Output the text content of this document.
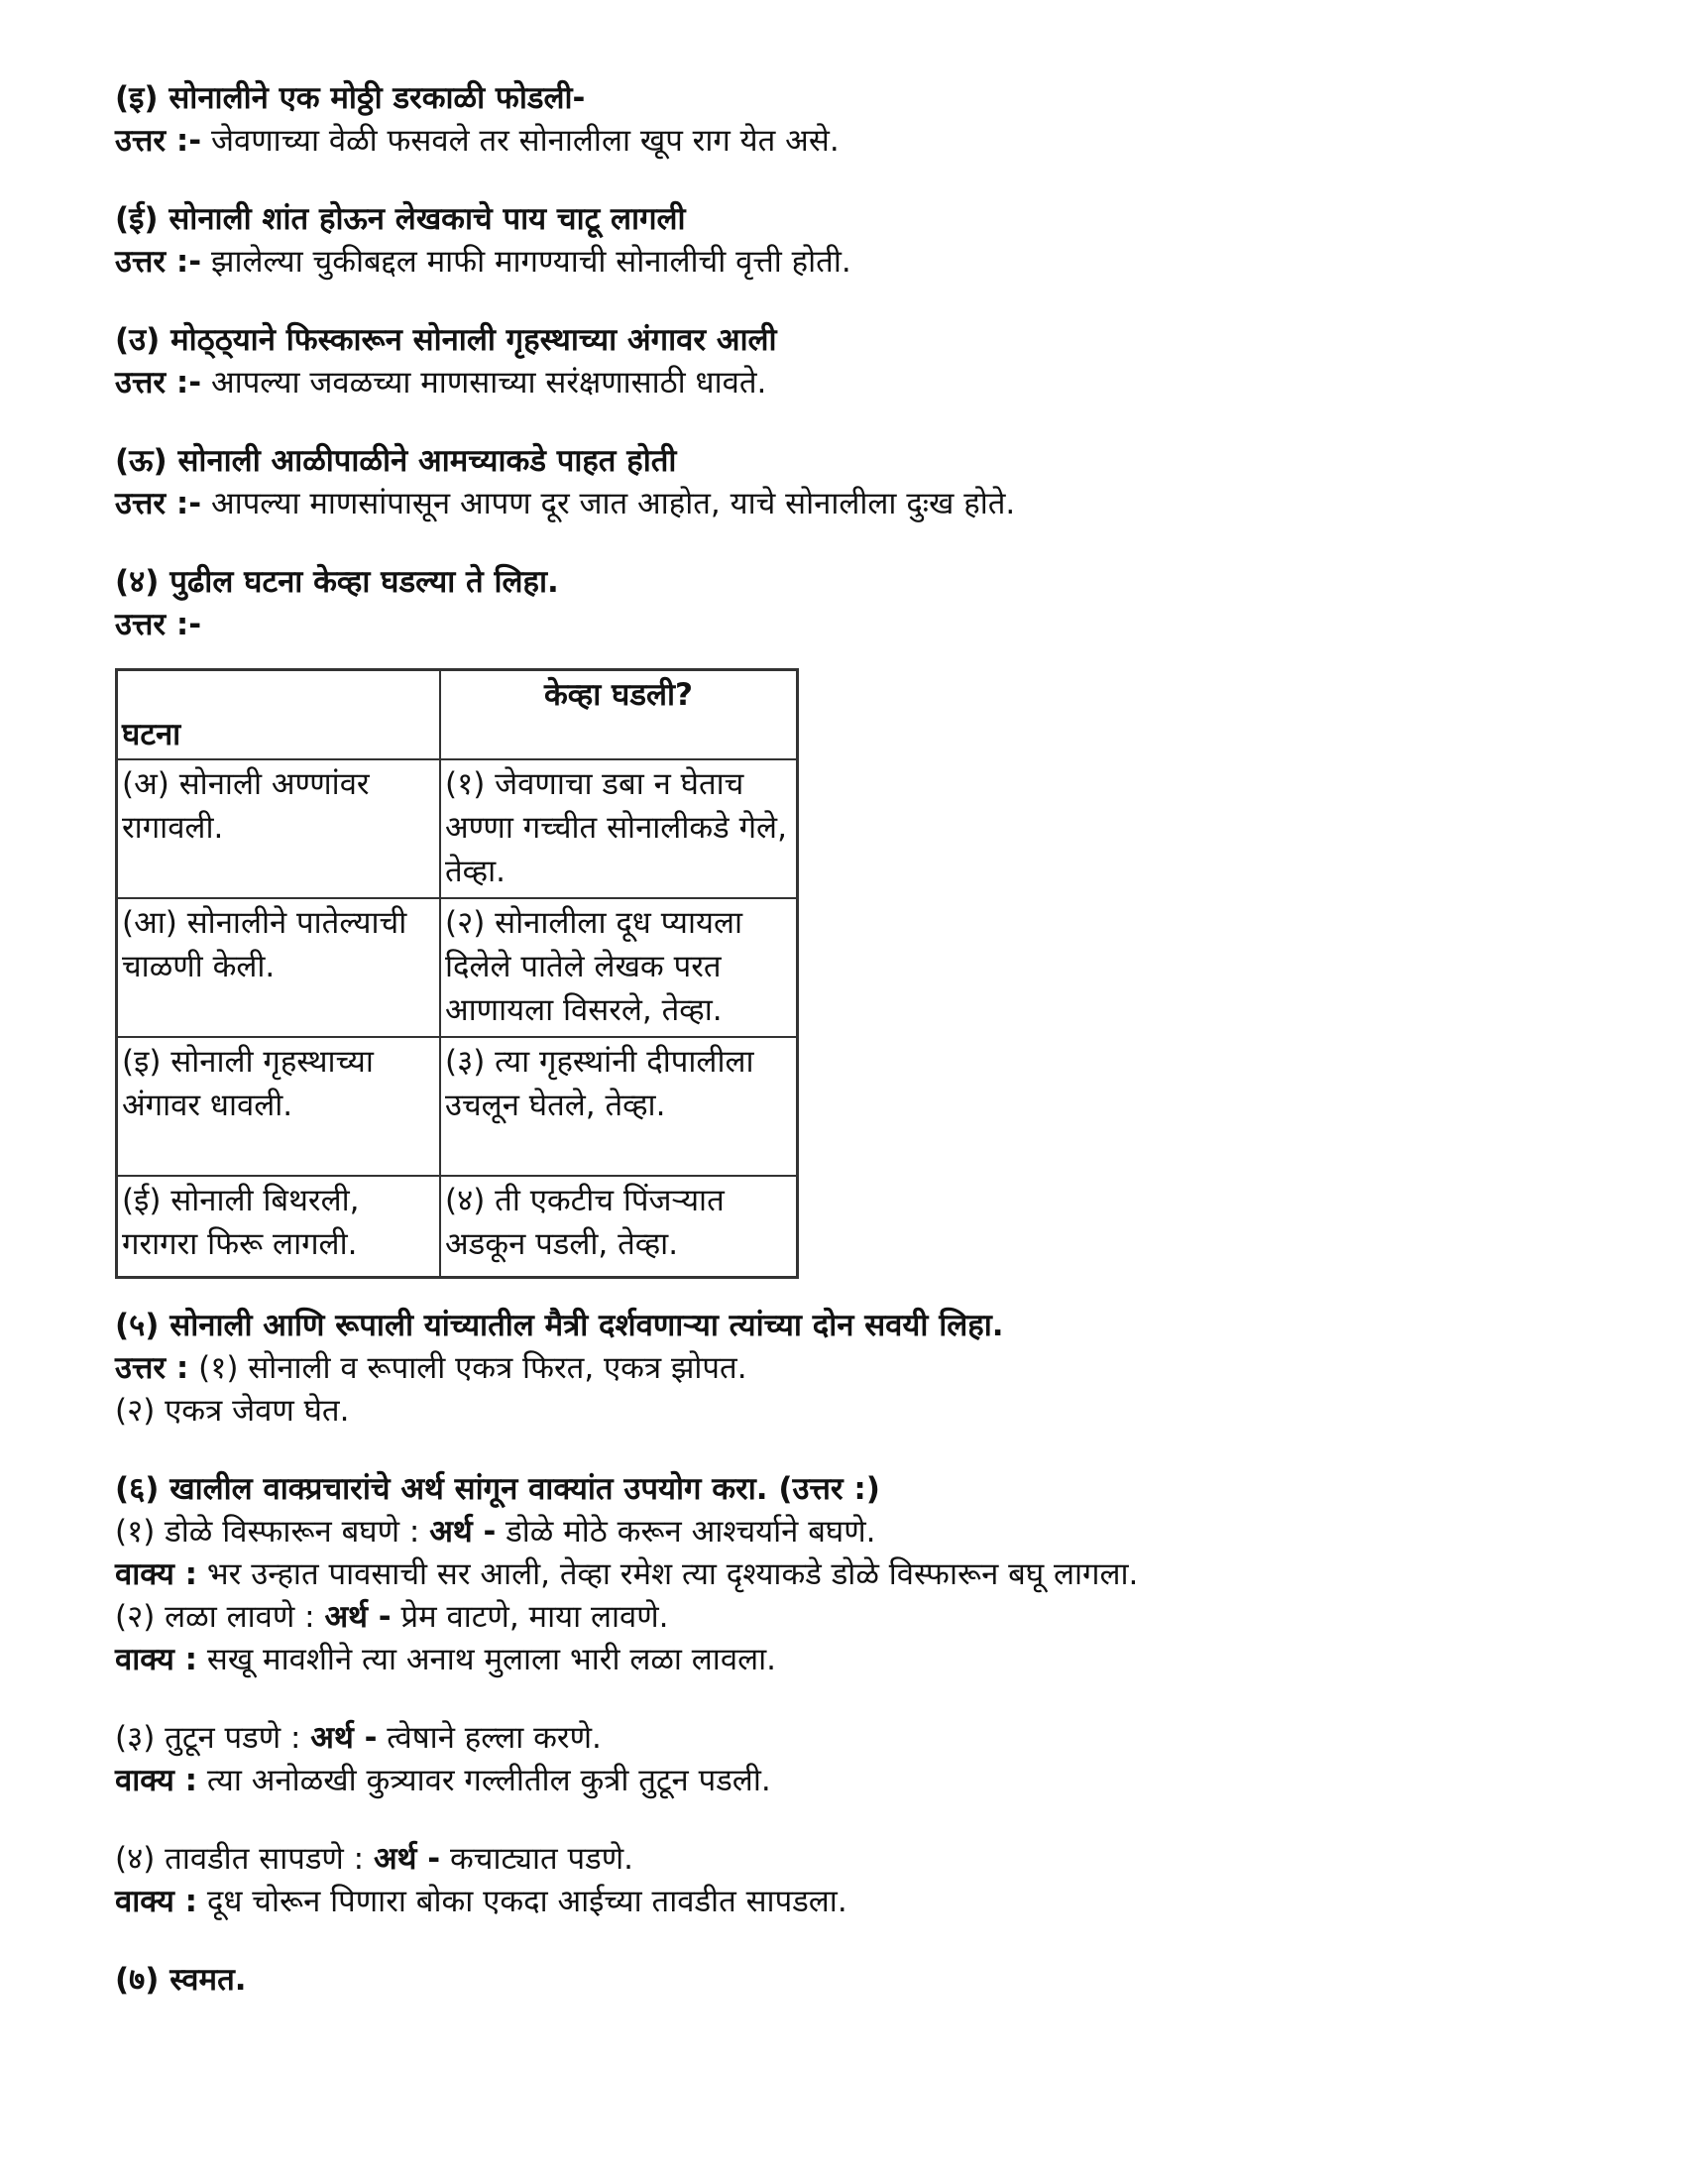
(इ) सोनालीने एक मोठ्ठी डरकाळी फोडली-
उत्तर :- जेवणाच्या वेळी फसवले तर सोनालीला खूप राग येत असे.
(ई) सोनाली शांत होऊन लेखकाचे पाय चाटू लागली
उत्तर :- झालेल्या चुकीबद्दल माफी मागण्याची सोनालीची वृत्ती होती.
(उ) मोठ्ठ्याने फिस्कारून सोनाली गृहस्थाच्या अंगावर आली
उत्तर :- आपल्या जवळच्या माणसाच्या सरंक्षणासाठी धावते.
(ऊ) सोनाली आळीपाळीने आमच्याकडे पाहत होती
उत्तर :- आपल्या माणसांपासून आपण दूर जात आहोत, याचे सोनालीला दुःख होते.
(४) पुढील घटना केव्हा घडल्या ते लिहा.
उत्तर :-
घटना	केव्हा घडली?
(अ) सोनाली अण्णांवर रागावली.	(१) जेवणाचा डबा न घेताच अण्णा गच्चीत सोनालीकडे गेले, तेव्हा.
(आ) सोनालीने पातेल्याची चाळणी केली.	(२) सोनालीला दूध प्यायला दिलेले पातेले लेखक परत आणायला विसरले, तेव्हा.
(इ) सोनाली गृहस्थाच्या अंगावर धावली.	(३) त्या गृहस्थांनी दीपालीला उचलून घेतले, तेव्हा.
(ई) सोनाली बिथरली, गरागरा फिरू लागली.	(४) ती एकटीच पिंजऱ्यात अडकून पडली, तेव्हा.
(५) सोनाली आणि रूपाली यांच्यातील मैत्री दर्शवणाऱ्या त्यांच्या दोन सवयी लिहा.
उत्तर : (१) सोनाली व रूपाली एकत्र फिरत, एकत्र झोपत.
(२) एकत्र जेवण घेत.
(६) खालील वाक्प्रचारांचे अर्थ सांगून वाक्यांत उपयोग करा. (उत्तर :)
(१) डोळे विस्फारून बघणे : अर्थ - डोळे मोठे करून आश्चर्याने बघणे.
वाक्य : भर उन्हात पावसाची सर आली, तेव्हा रमेश त्या दृश्याकडे डोळे विस्फारून बघू लागला.
(२) लळा लावणे : अर्थ - प्रेम वाटणे, माया लावणे.
वाक्य : सखू मावशीने त्या अनाथ मुलाला भारी लळा लावला.
(३) तुटून पडणे : अर्थ - त्वेषाने हल्ला करणे.
वाक्य : त्या अनोळखी कुत्र्यावर गल्लीतील कुत्री तुटून पडली.
(४) तावडीत सापडणे : अर्थ - कचाट्यात पडणे.
वाक्य : दूध चोरून पिणारा बोका एकदा आईच्या तावडीत सापडला.
(७) स्वमत.
